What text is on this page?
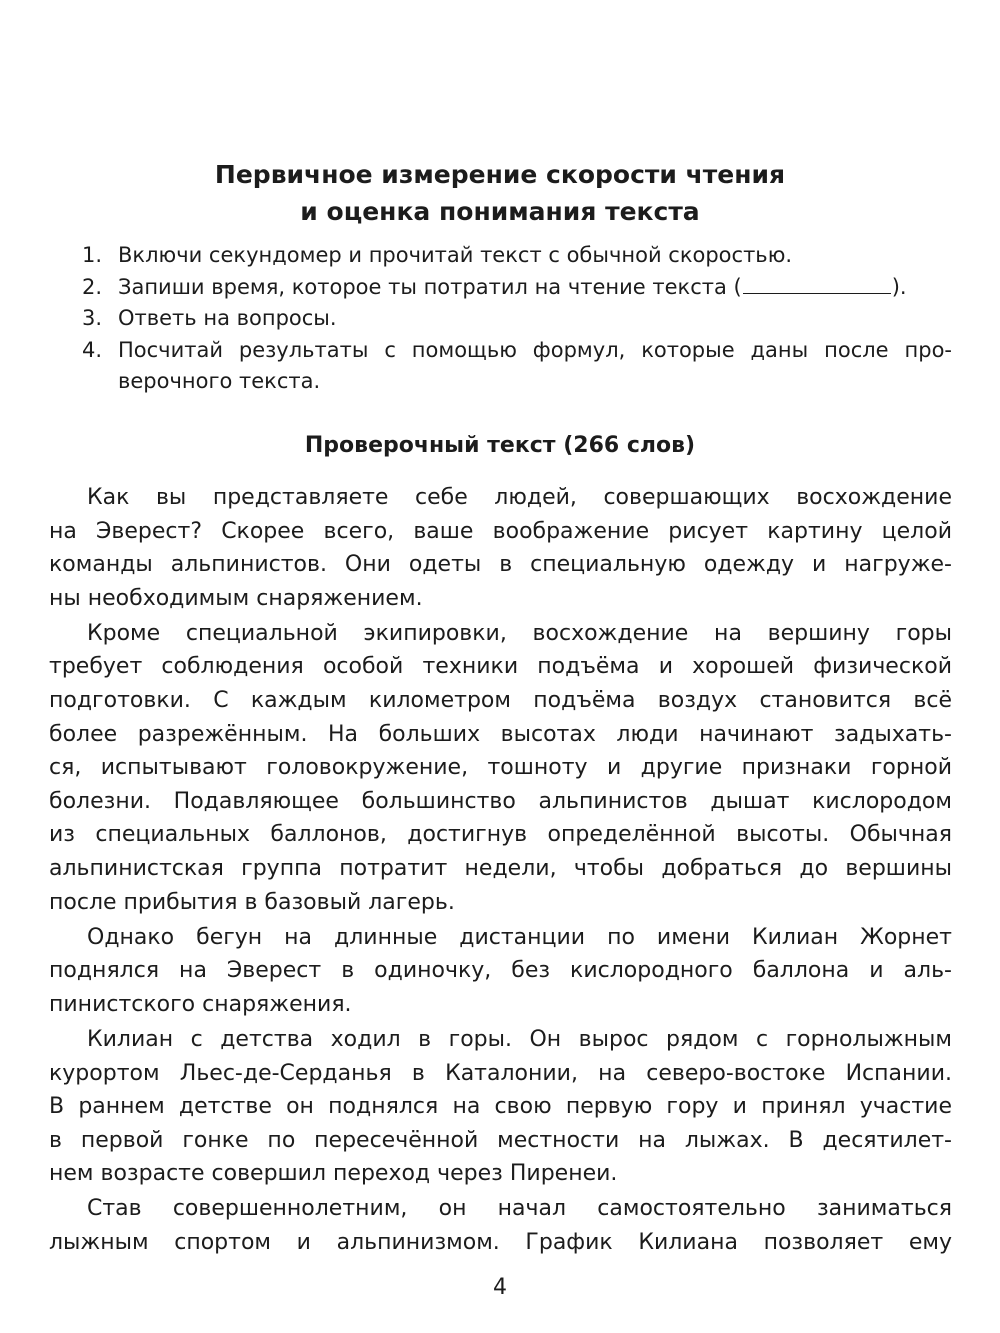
Первичное измерение скорости чтения
и оценка понимания текста
1. Включи секундомер и прочитай текст с обычной скоростью.
2. Запиши время, которое ты потратил на чтение текста (	).
3. Ответь на вопросы.
4. Посчитай результаты с помощью формул, которые даны после про-
верочного текста.
Проверочный текст (266 слов)
Как вы представляете себе людей, совершающих восхождение
на Эверест? Скорее всего, ваше воображение рисует картину целой
команды альпинистов. Они одеты в специальную одежду и нагруже-
ны необходимым снаряжением.
Кроме специальной экипировки, восхождение на вершину горы
требует соблюдения особой техники подъёма и хорошей физической
подготовки. С каждым километром подъёма воздух становится всё
более разрежённым. На больших высотах люди начинают задыхать-
ся, испытывают головокружение, тошноту и другие признаки горной
болезни. Подавляющее большинство альпинистов дышат кислородом
из специальных баллонов, достигнув определённой высоты. Обычная
альпинистская группа потратит недели, чтобы добраться до вершины
после прибытия в базовый лагерь.
Однако бегун на длинные дистанции по имени Килиан Жорнет
поднялся на Эверест в одиночку, без кислородного баллона и аль-
пинистского снаряжения.
Килиан с детства ходил в горы. Он вырос рядом с горнолыжным
курортом Льес-де-Серданья в Каталонии, на северо-востоке Испании.
В раннем детстве он поднялся на свою первую гору и принял участие
в первой гонке по пересечённой местности на лыжах. В десятилет-
нем возрасте совершил переход через Пиренеи.
Став совершеннолетним, он начал самостоятельно заниматься
лыжным спортом и альпинизмом. График Килиана позволяет ему
4
